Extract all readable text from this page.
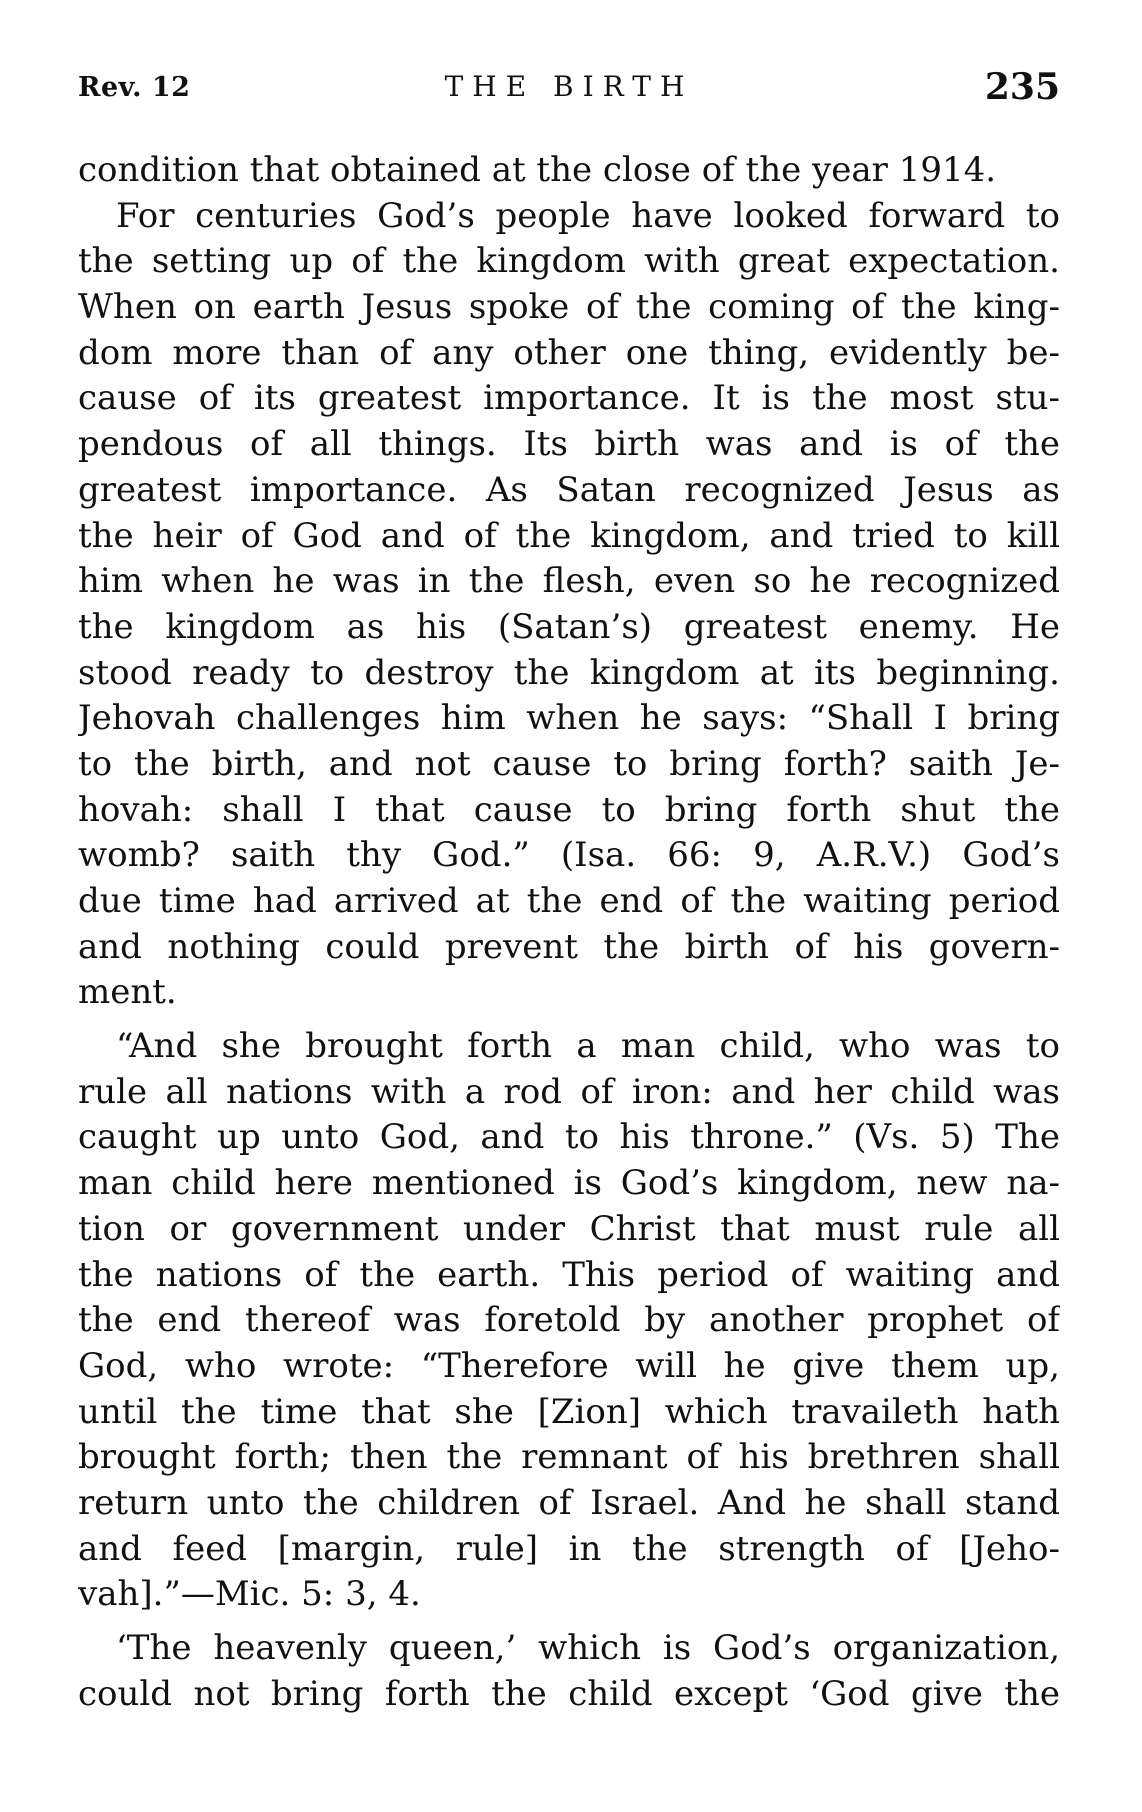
Rev. 12	THE BIRTH	235
condition that obtained at the close of the year 1914.
For centuries God’s people have looked forward to
the setting up of the kingdom with great expectation.
When on earth Jesus spoke of the coming of the king-
dom more than of any other one thing, evidently be-
cause of its greatest importance. It is the most stu-
pendous of all things. Its birth was and is of the
greatest importance. As Satan recognized Jesus as
the heir of God and of the kingdom, and tried to kill
him when he was in the flesh, even so he recognized
the kingdom as his (Satan’s) greatest enemy. He
stood ready to destroy the kingdom at its beginning.
Jehovah challenges him when he says: “Shall I bring
to the birth, and not cause to bring forth? saith Je-
hovah: shall I that cause to bring forth shut the
womb? saith thy God.” (Isa. 66: 9, A.R.V.) God’s
due time had arrived at the end of the waiting period
and nothing could prevent the birth of his govern-
ment.
“And she brought forth a man child, who was to
rule all nations with a rod of iron: and her child was
caught up unto God, and to his throne.” (Vs. 5) The
man child here mentioned is God’s kingdom, new na-
tion or government under Christ that must rule all
the nations of the earth. This period of waiting and
the end thereof was foretold by another prophet of
God, who wrote: “Therefore will he give them up,
until the time that she [Zion] which travaileth hath
brought forth; then the remnant of his brethren shall
return unto the children of Israel. And he shall stand
and feed [margin, rule] in the strength of [Jeho-
vah].”—Mic. 5: 3, 4.
‘The heavenly queen,’ which is God’s organization,
could not bring forth the child except ‘God give the
